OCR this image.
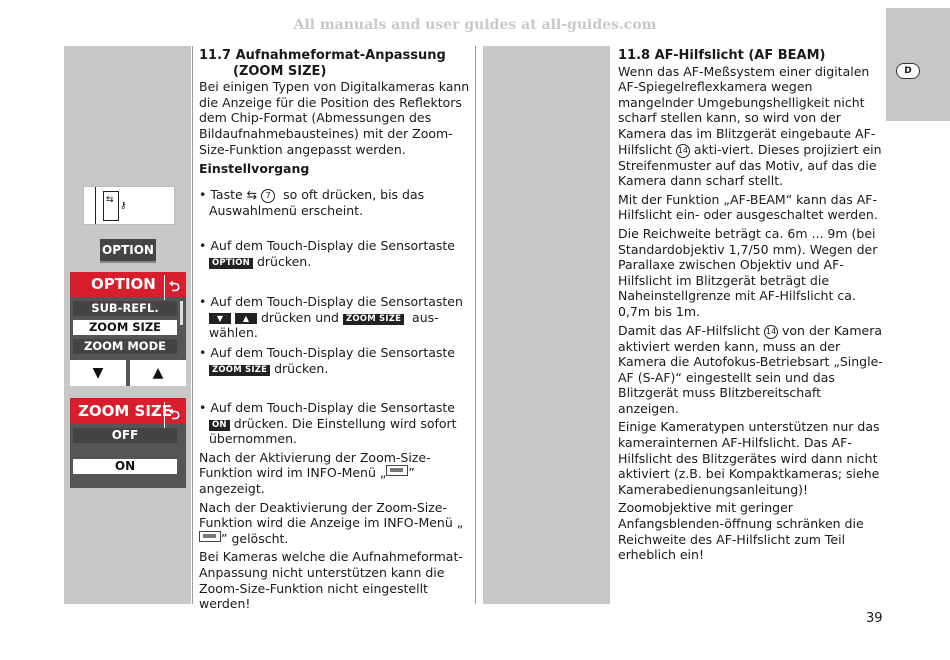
All manuals and user guides at all-guides.com
D
⇆
⚷
OPTION
OPTION ⮌
SUB-REFL.
ZOOM SIZE
ZOOM MODE
▼	▲
ZOOM SIZE
⮌
OFF
ON

11.7 Aufnahmeformat-Anpassung

(ZOOM SIZE)

Bei einigen Typen von Digitalkameras kann die Anzeige für die Position des Reflektors dem Chip-Format (Abmessungen des Bildaufnahmebausteines) mit der Zoom-Size-Funktion angepasst werden.

Einstellvorgang

• Taste ⇆ 7 so oft drücken, bis das

Auswahlmenü erscheint.

• Auf dem Touch-Display die Sensortaste

OPTION drücken.

• Auf dem Touch-Display die Sensortasten

▼ ▲ drücken und ZOOM SIZE aus-

wählen.

• Auf dem Touch-Display die Sensortaste

ZOOM SIZE drücken.

• Auf dem Touch-Display die Sensortaste

ON drücken. Die Einstellung wird sofort

übernommen.

Nach der Aktivierung der Zoom-Size-Funktion wird im INFO-Menü „ ” angezeigt.

Nach der Deaktivierung der Zoom-Size-Funktion wird die Anzeige im INFO-Menü „” gelöscht.

Bei Kameras welche die Aufnahmeformat-Anpassung nicht unterstützen kann die Zoom-Size-Funktion nicht eingestellt werden!

11.8 AF-Hilfslicht (AF BEAM)

Wenn das AF-Meßsystem einer digitalen AF-Spiegelreflexkamera wegen mangelnder Umgebungshelligkeit nicht scharf stellen kann, so wird von der Kamera das im Blitzgerät eingebaute AF-Hilfslicht 14 akti-viert. Dieses projiziert ein Streifenmuster auf das Motiv, auf das die Kamera dann scharf stellt.

Mit der Funktion „AF-BEAM“ kann das AF-Hilfslicht ein- oder ausgeschaltet werden.

Die Reichweite beträgt ca. 6m ... 9m (bei Standardobjektiv 1,7/50 mm). Wegen der Parallaxe zwischen Objektiv und AF-Hilfslicht im Blitzgerät beträgt die Naheinstellgrenze mit AF-Hilfslicht ca. 0,7m bis 1m.

Damit das AF-Hilfslicht 14 von der Kamera aktiviert werden kann, muss an der Kamera die Autofokus-Betriebsart „Single-AF (S-AF)“ eingestellt sein und das Blitzgerät muss Blitzbereitschaft anzeigen.

Einige Kameratypen unterstützen nur das kamerainternen AF-Hilfslicht. Das AF-Hilfslicht des Blitzgerätes wird dann nicht aktiviert (z.B. bei Kompaktkameras; siehe Kamerabedienungsanleitung)!

Zoomobjektive mit geringer Anfangsblenden-öffnung schränken die Reichweite des AF-Hilfslicht zum Teil erheblich ein!

39
